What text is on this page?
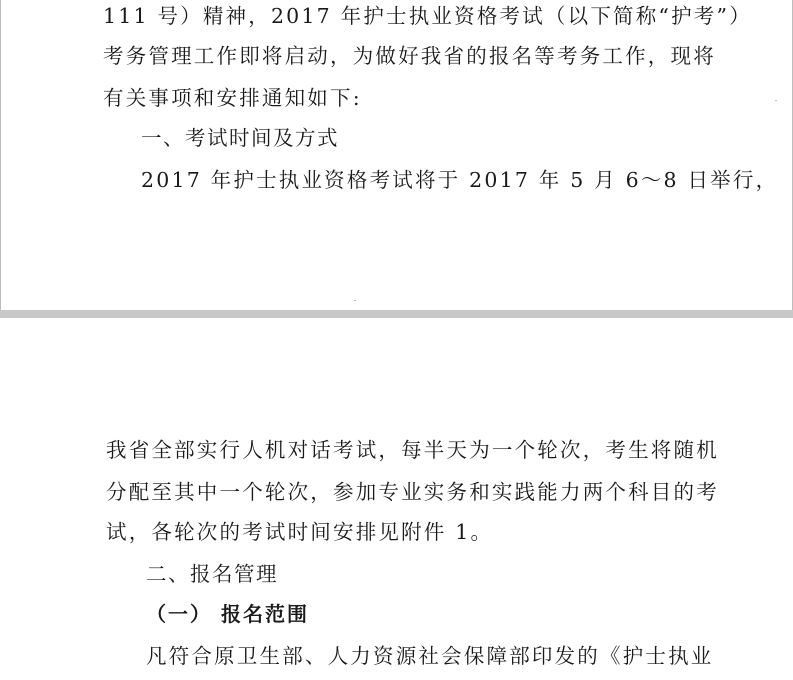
111 号）精神，2017 年护士执业资格考试（以下简称“护考”）
考务管理工作即将启动，为做好我省的报名等考务工作，现将
有关事项和安排通知如下:
一、考试时间及方式
2017 年护士执业资格考试将于 2017 年 5 月 6～8 日举行，
我省全部实行人机对话考试，每半天为一个轮次，考生将随机
分配至其中一个轮次，参加专业实务和实践能力两个科目的考
试，各轮次的考试时间安排见附件 1。
二、报名管理
（一） 报名范围
凡符合原卫生部、人力资源社会保障部印发的《护士执业
